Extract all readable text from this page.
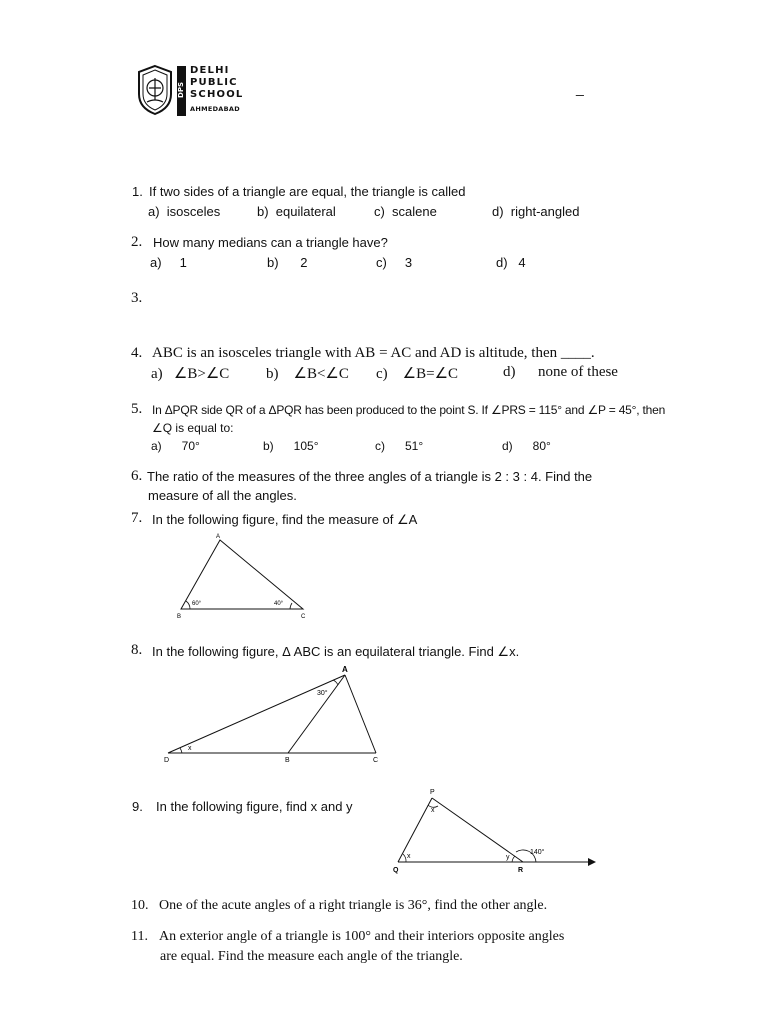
DPS
DELHI
PUBLIC
SCHOOL
AHMEDABAD
_
1. If two sides of a triangle are equal, the triangle is called
a)  isosceles	b)  equilateral	c)  scalene	d)  right-angled
2. How many medians can a triangle have?
a)     1	b)      2	c)     3	d)   4
3.
4. ABC is an isosceles triangle with AB = AC and AD is altitude, then ____.
a)   ∠B>∠C b)    ∠B<∠C c)    ∠B=∠C	d)      none of these
5. In ΔPQR side QR of a ΔPQR has been produced to the point S. If ∠PRS = 115° and ∠P = 45°, then
∠Q is equal to:
a)      70°	b)      105°	c)      51°	d)      80°
6. The ratio of the measures of the three angles of a triangle is 2 : 3 : 4. Find the
measure of all the angles.
7. In the following figure, find the measure of ∠A
A
B	C
60°	40°
8. In the following figure, Δ ABC is an equilateral triangle. Find ∠x.
A
B	C
D
30°
x
9. In the following figure, find x and y
P
Q	R
x
x	y
140°
10. One of the acute angles of a right triangle is 36°, find the other angle.
11. An exterior angle of a triangle is 100° and their interiors opposite angles
are equal. Find the measure each angle of the triangle.
